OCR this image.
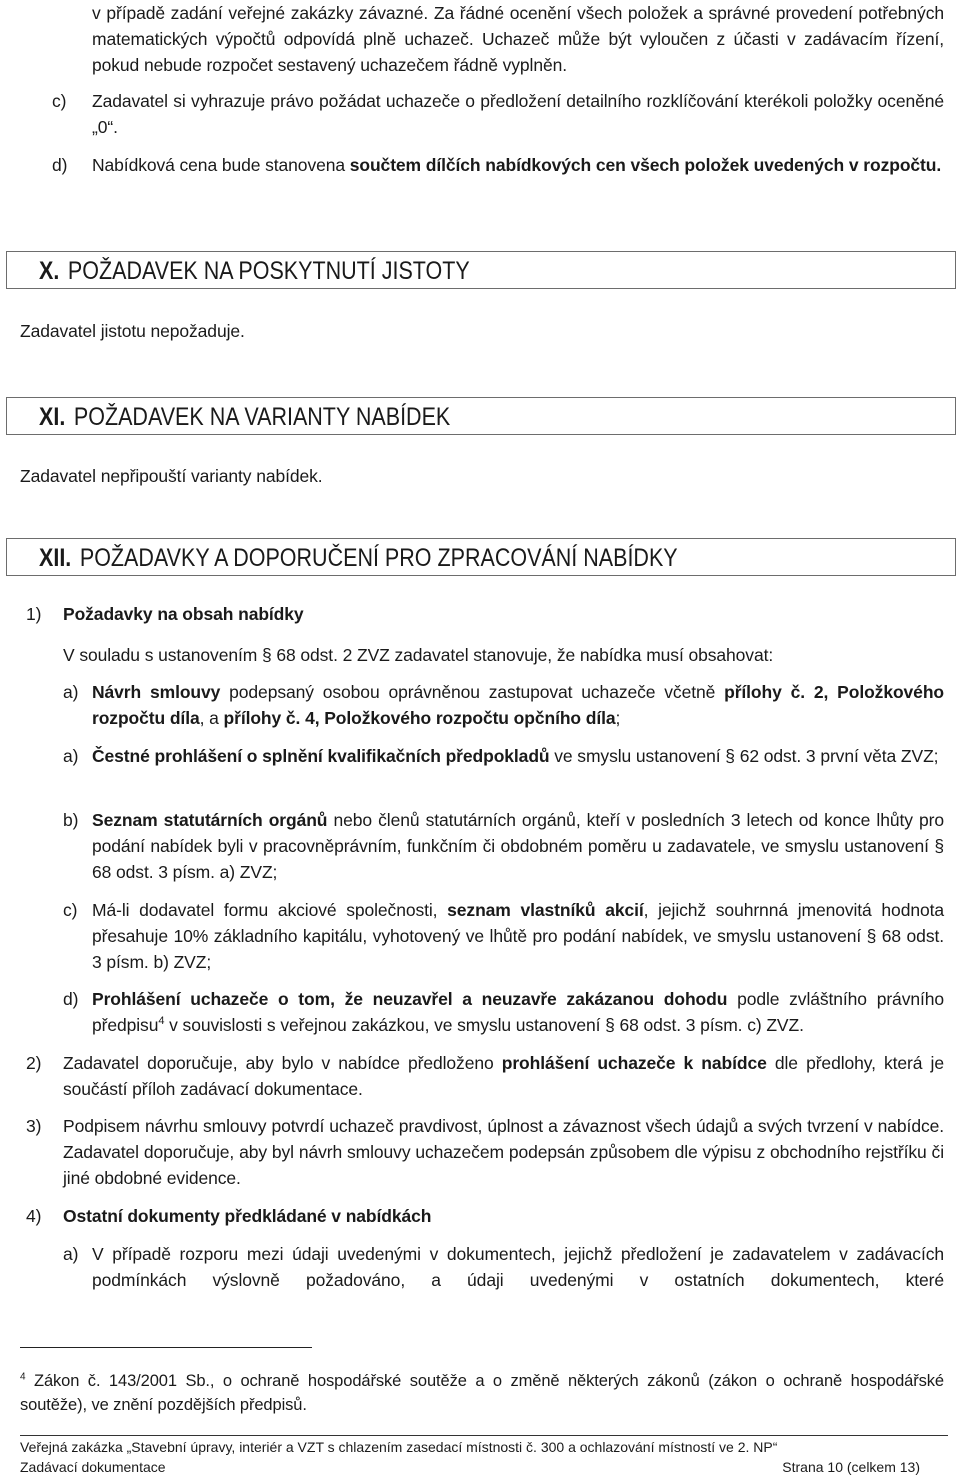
v případě zadání veřejné zakázky závazné. Za řádné ocenění všech položek a správné provedení potřebných matematických výpočtů odpovídá plně uchazeč. Uchazeč může být vyloučen z účasti v zadávacím řízení, pokud nebude rozpočet sestavený uchazečem řádně vyplněn.
c) Zadavatel si vyhrazuje právo požádat uchazeče o předložení detailního rozklíčování kterékoli položky oceněné „0“.
d) Nabídková cena bude stanovena součtem dílčích nabídkových cen všech položek uvedených v rozpočtu.
X. POŽADAVEK NA POSKYTNUTÍ JISTOTY
Zadavatel jistotu nepožaduje.
XI. POŽADAVEK NA VARIANTY NABÍDEK
Zadavatel nepřipouští varianty nabídek.
XII. POŽADAVKY A DOPORUČENÍ PRO ZPRACOVÁNÍ NABÍDKY
1) Požadavky na obsah nabídky
V souladu s ustanovením § 68 odst. 2 ZVZ zadavatel stanovuje, že nabídka musí obsahovat:
a) Návrh smlouvy podepsaný osobou oprávněnou zastupovat uchazeče včetně přílohy č. 2, Položkového rozpočtu díla, a přílohy č. 4, Položkového rozpočtu opčního díla;
a) Čestné prohlášení o splnění kvalifikačních předpokladů ve smyslu ustanovení § 62 odst. 3 první věta ZVZ;
b) Seznam statutárních orgánů nebo členů statutárních orgánů, kteří v posledních 3 letech od konce lhůty pro podání nabídek byli v pracovněprávním, funkčním či obdobném poměru u zadavatele, ve smyslu ustanovení § 68 odst. 3 písm. a) ZVZ;
c) Má-li dodavatel formu akciové společnosti, seznam vlastníků akcií, jejichž souhrnná jmenovitá hodnota přesahuje 10% základního kapitálu, vyhotovený ve lhůtě pro podání nabídek, ve smyslu ustanovení § 68 odst. 3 písm. b) ZVZ;
d) Prohlášení uchazeče o tom, že neuzavřel a neuzavře zakázanou dohodu podle zvláštního právního předpisu$^4$ v souvislosti s veřejnou zakázkou, ve smyslu ustanovení § 68 odst. 3 písm. c) ZVZ.
2) Zadavatel doporučuje, aby bylo v nabídce předloženo prohlášení uchazeče k nabídce dle předlohy, která je součástí příloh zadávací dokumentace.
3) Podpisem návrhu smlouvy potvrdí uchazeč pravdivost, úplnost a závaznost všech údajů a svých tvrzení v nabídce. Zadavatel doporučuje, aby byl návrh smlouvy uchazečem podepsán způsobem dle výpisu z obchodního rejstříku či jiné obdobné evidence.
4) Ostatní dokumenty předkládané v nabídkách
a) V případě rozporu mezi údaji uvedenými v dokumentech, jejichž předložení je zadavatelem v zadávacích podmínkách výslovně požadováno, a údaji uvedenými v ostatních dokumentech, které
$^4$ Zákon č. 143/2001 Sb., o ochraně hospodářské soutěže a o změně některých zákonů (zákon o ochraně hospodářské soutěže), ve znění pozdějších předpisů.
Veřejná zakázka „Stavební úpravy, interiér a VZT s chlazením zasedací místnosti č. 300 a ochlazování místností ve 2. NP“
Zadávací dokumentace	Strana 10 (celkem 13)
